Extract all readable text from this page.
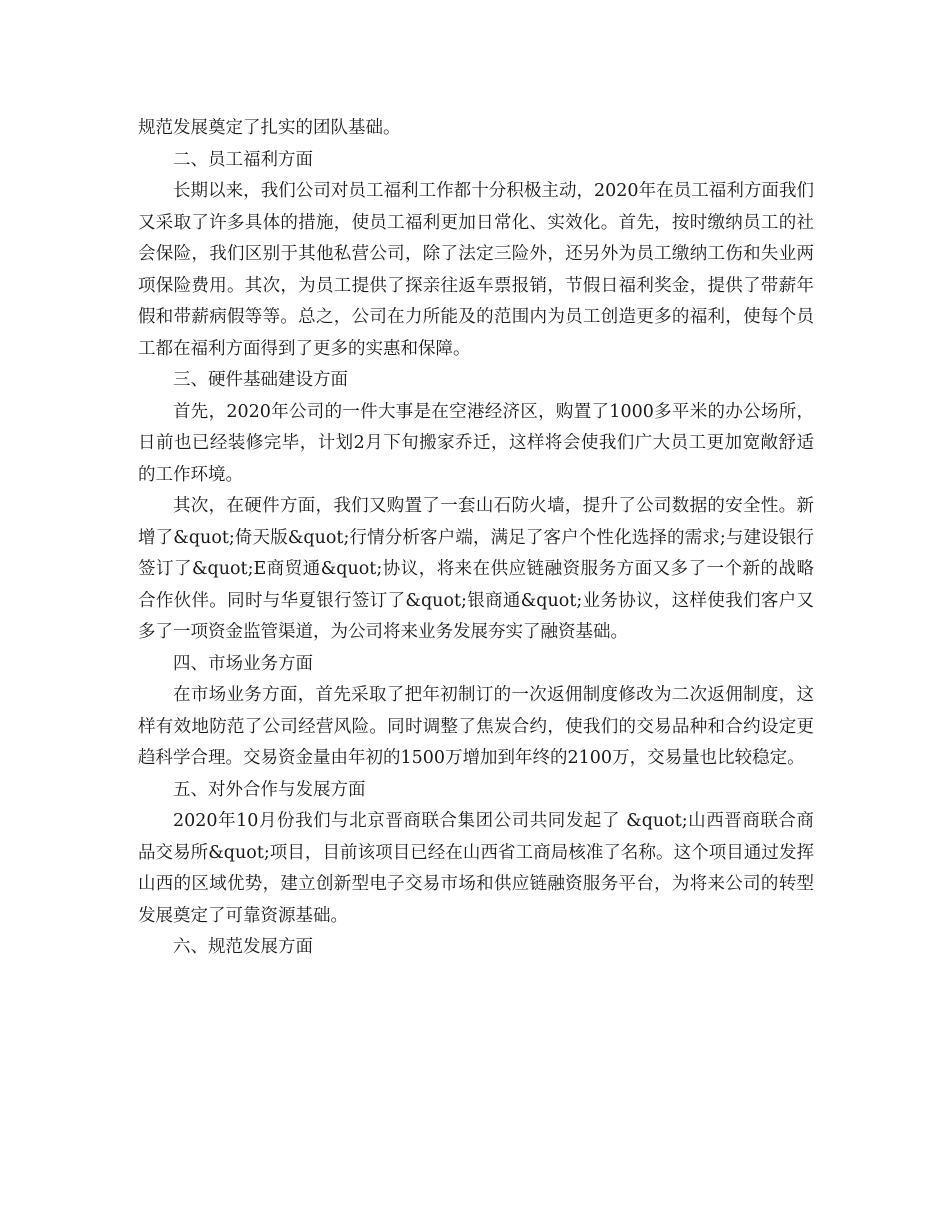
规范发展奠定了扎实的团队基础。

二、员工福利方面

长期以来，我们公司对员工福利工作都十分积极主动，2020年在员工福利方面我们又采取了许多具体的措施，使员工福利更加日常化、实效化。首先，按时缴纳员工的社会保险，我们区别于其他私营公司，除了法定三险外，还另外为员工缴纳工伤和失业两项保险费用。其次，为员工提供了探亲往返车票报销，节假日福利奖金，提供了带薪年假和带薪病假等等。总之，公司在力所能及的范围内为员工创造更多的福利，使每个员工都在福利方面得到了更多的实惠和保障。

三、硬件基础建设方面

首先，2020年公司的一件大事是在空港经济区，购置了1000多平米的办公场所，日前也已经装修完毕，计划2月下旬搬家乔迁，这样将会使我们广大员工更加宽敞舒适的工作环境。

其次，在硬件方面，我们又购置了一套山石防火墙，提升了公司数据的安全性。新增了&quot;倚天版&quot;行情分析客户端，满足了客户个性化选择的需求;与建设银行签订了&quot;E商贸通&quot;协议，将来在供应链融资服务方面又多了一个新的战略合作伙伴。同时与华夏银行签订了&quot;银商通&quot;业务协议，这样使我们客户又多了一项资金监管渠道，为公司将来业务发展夯实了融资基础。

四、市场业务方面

在市场业务方面，首先采取了把年初制订的一次返佣制度修改为二次返佣制度，这样有效地防范了公司经营风险。同时调整了焦炭合约，使我们的交易品种和合约设定更趋科学合理。交易资金量由年初的1500万增加到年终的2100万，交易量也比较稳定。

五、对外合作与发展方面

2020年10月份我们与北京晋商联合集团公司共同发起了 &quot;山西晋商联合商品交易所&quot;项目，目前该项目已经在山西省工商局核准了名称。这个项目通过发挥山西的区域优势，建立创新型电子交易市场和供应链融资服务平台，为将来公司的转型发展奠定了可靠资源基础。

六、规范发展方面
